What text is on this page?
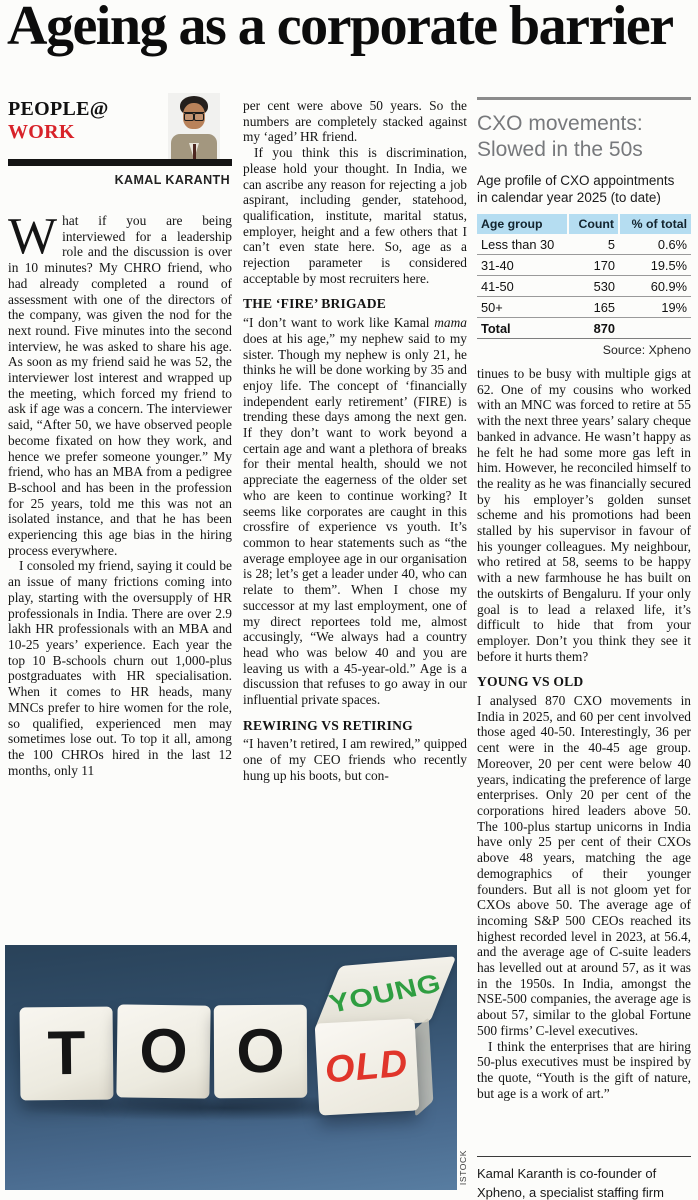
Ageing as a corporate barrier
PEOPLE@
WORK
KAMAL KARANTH

What if you are being interviewed for a leadership role and the discussion is over in 10 minutes? My CHRO friend, who had already completed a round of assessment with one of the directors of the company, was given the nod for the next round. Five minutes into the second interview, he was asked to share his age. As soon as my friend said he was 52, the interviewer lost interest and wrapped up the meeting, which forced my friend to ask if age was a concern. The interviewer said, “After 50, we have observed people become fixated on how they work, and hence we prefer someone younger.” My friend, who has an MBA from a pedigree B-school and has been in the profession for 25 years, told me this was not an isolated instance, and that he has been experiencing this age bias in the hiring process everywhere.

I consoled my friend, saying it could be an issue of many frictions coming into play, starting with the oversupply of HR professionals in India. There are over 2.9 lakh HR professionals with an MBA and 10-25 years’ experience. Each year the top 10 B-schools churn out 1,000-plus postgraduates with HR specialisation. When it comes to HR heads, many MNCs prefer to hire women for the role, so qualified, experienced men may sometimes lose out. To top it all, among the 100 CHROs hired in the last 12 months, only 11

per cent were above 50 years. So the numbers are completely stacked against my ‘aged’ HR friend.

If you think this is discrimination, please hold your thought. In India, we can ascribe any reason for rejecting a job aspirant, including gender, statehood, qualification, institute, marital status, employer, height and a few others that I can’t even state here. So, age as a rejection parameter is considered acceptable by most recruiters here.

THE ‘FIRE’ BRIGADE

“I don’t want to work like Kamal mama does at his age,” my nephew said to my sister. Though my nephew is only 21, he thinks he will be done working by 35 and enjoy life. The concept of ‘financially independent early retirement’ (FIRE) is trending these days among the next gen. If they don’t want to work beyond a certain age and want a plethora of breaks for their mental health, should we not appreciate the eagerness of the older set who are keen to continue working? It seems like corporates are caught in this crossfire of experience vs youth. It’s common to hear statements such as “the average employee age in our organisation is 28; let’s get a leader under 40, who can relate to them”. When I chose my successor at my last employment, one of my direct reportees told me, almost accusingly, “We always had a country head who was below 40 and you are leaving us with a 45-year-old.” Age is a discussion that refuses to go away in our influential private spaces.

REWIRING VS RETIRING

“I haven’t retired, I am rewired,” quipped one of my CEO friends who recently hung up his boots, but con-

CXO movements:
Slowed in the 50s
Age profile of CXO appointments in calendar year 2025 (to date)
Age group	Count	% of total
Less than 30	5	0.6%
31-40	170	19.5%
41-50	530	60.9%
50+	165	19%
Total	870	
Source: Xpheno

tinues to be busy with multiple gigs at 62. One of my cousins who worked with an MNC was forced to retire at 55 with the next three years’ salary cheque banked in advance. He wasn’t happy as he felt he had some more gas left in him. However, he reconciled himself to the reality as he was financially secured by his employer’s golden sunset scheme and his promotions had been stalled by his supervisor in favour of his younger colleagues. My neighbour, who retired at 58, seems to be happy with a new farmhouse he has built on the outskirts of Bengaluru. If your only goal is to lead a relaxed life, it’s difficult to hide that from your employer. Don’t you think they see it before it hurts them?

YOUNG VS OLD

I analysed 870 CXO movements in India in 2025, and 60 per cent involved those aged 40-50. Interestingly, 36 per cent were in the 40-45 age group. Moreover, 20 per cent were below 40 years, indicating the preference of large enterprises. Only 20 per cent of the corporations hired leaders above 50. The 100-plus startup unicorns in India have only 25 per cent of their CXOs above 48 years, matching the age demographics of their younger founders. But all is not gloom yet for CXOs above 50. The average age of incoming S&P 500 CEOs reached its highest recorded level in 2023, at 56.4, and the average age of C-suite leaders has levelled out at around 57, as it was in the 1950s. In India, amongst the NSE-500 companies, the average age is about 57, similar to the global Fortune 500 firms’ C-level executives.

I think the enterprises that are hiring 50-plus executives must be inspired by the quote, “Youth is the gift of nature, but age is a work of art.”

T O O
YOUNG
OLD
ISTOCK Kamal Karanth is co-founder of Xpheno, a specialist staffing firm
